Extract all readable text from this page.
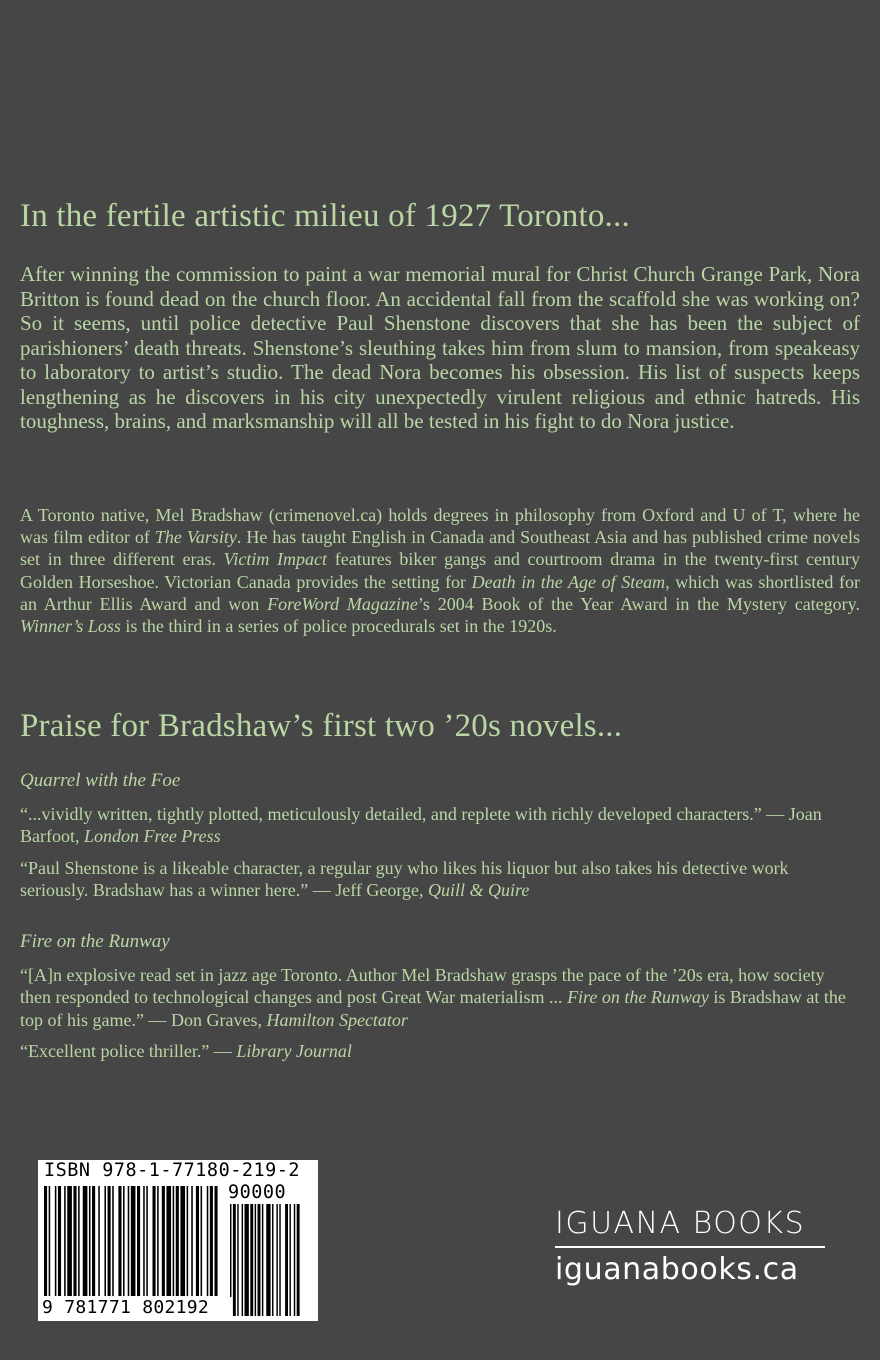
In the fertile artistic milieu of 1927 Toronto...

After winning the commission to paint a war memorial mural for Christ Church Grange Park, Nora Britton is found dead on the church floor. An accidental fall from the scaffold she was working on? So it seems, until police detective Paul Shenstone discovers that she has been the subject of parishioners’ death threats. Shenstone’s sleuthing takes him from slum to mansion, from speakeasy to laboratory to artist’s studio. The dead Nora becomes his obsession. His list of suspects keeps lengthening as he discovers in his city unexpectedly virulent religious and ethnic hatreds. His toughness, brains, and marksmanship will all be tested in his fight to do Nora justice.

A Toronto native, Mel Bradshaw (crimenovel.ca) holds degrees in philosophy from Oxford and U of T, where he was film editor of The Varsity. He has taught English in Canada and Southeast Asia and has published crime novels set in three different eras. Victim Impact features biker gangs and courtroom drama in the twenty-first century Golden Horseshoe. Victorian Canada provides the setting for Death in the Age of Steam, which was shortlisted for an Arthur Ellis Award and won ForeWord Magazine’s 2004 Book of the Year Award in the Mystery category. Winner’s Loss is the third in a series of police procedurals set in the 1920s.

Praise for Bradshaw’s first two ’20s novels...
Quarrel with the Foe

“...vividly written, tightly plotted, meticulously detailed, and replete with richly developed characters.” — Joan Barfoot, London Free Press

“Paul Shenstone is a likeable character, a regular guy who likes his liquor but also takes his detective work seriously. Bradshaw has a winner here.” — Jeff George, Quill & Quire

Fire on the Runway

“[A]n explosive read set in jazz age Toronto. Author Mel Bradshaw grasps the pace of the ’20s era, how society then responded to technological changes and post Great War materialism ... Fire on the Runway is Bradshaw at the top of his game.” — Don Graves, Hamilton Spectator

“Excellent police thriller.” — Library Journal

ISBN 978-1-77180-219-2
90000
9 781771 802192
IGUANA BOOKS
iguanabooks.ca
